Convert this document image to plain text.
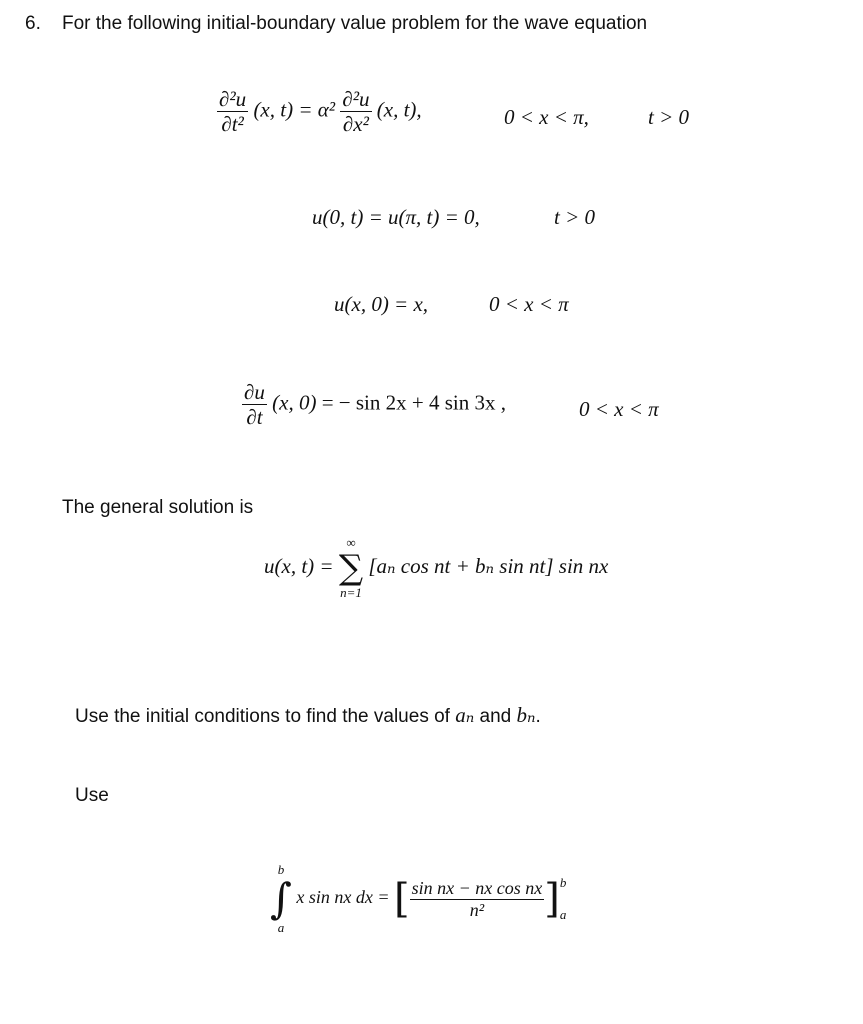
6. For the following initial-boundary value problem for the wave equation
$\frac{\text{∂²u}}{\text{∂t²}} (x$, $t) = \alpha^2 \frac{\text{∂²u}}{\text{∂x²}} (x$, t),	0 < x < π,	t > 0
u(0, t) = u(π, t) = 0,	t > 0
u(x, 0) = x,	0 < x < π
$\frac{\partial u}{\partial t} (x$, 0) = − sin 2x + 4 sin 3x ,	0 < x < π
The general solution is
u(x, t) =
∞
∑
n=1
[aₙ cos nt + bₙ sin nt] sin nx
Use the initial conditions to find the values of aₙ and bₙ.
Use
b
∫
a
x sin nx dx = [ $\frac{\text{sin nx − nx cos nx}}{\text{n²}}$ ] b
a
